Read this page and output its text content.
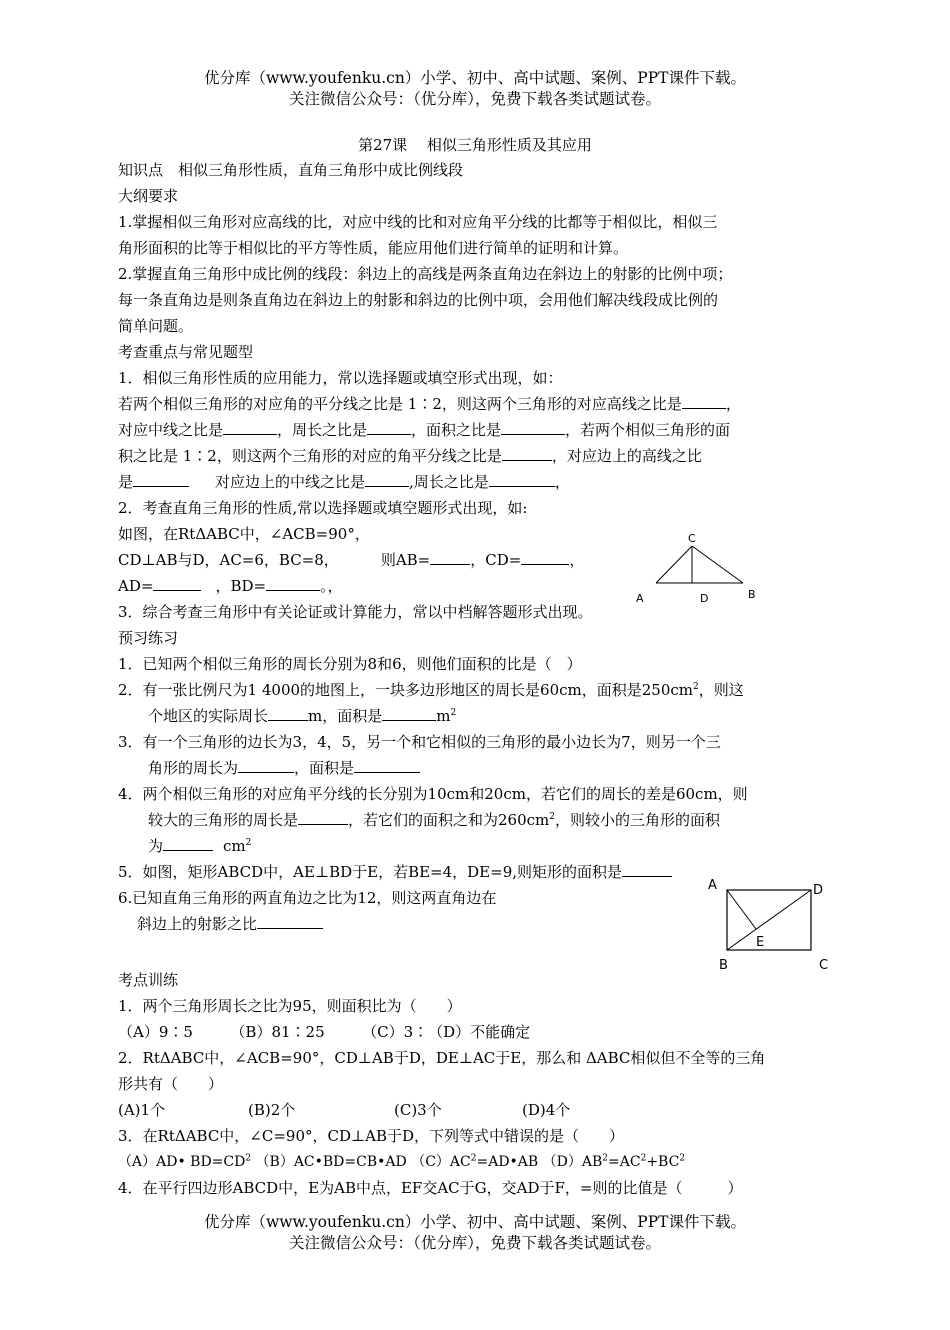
优分库（www.youfenku.cn）小学、初中、高中试题、案例、PPT课件下载。
关注微信公众号：（优分库），免费下载各类试题试卷。
第27课　 相似三角形性质及其应用
知识点　相似三角形性质，直角三角形中成比例线段
大纲要求
1.掌握相似三角形对应高线的比，对应中线的比和对应角平分线的比都等于相似比，相似三
角形面积的比等于相似比的平方等性质，能应用他们进行简单的证明和计算。
2.掌握直角三角形中成比例的线段：斜边上的高线是两条直角边在斜边上的射影的比例中项；
每一条直角边是则条直角边在斜边上的射影和斜边的比例中项，会用他们解决线段成比例的
简单问题。
考查重点与常见题型
1．相似三角形性质的应用能力，常以选择题或填空形式出现，如：
若两个相似三角形的对应角的平分线之比是 1∶2，则这两个三角形的对应高线之比是	，
对应中线之比是	，周长之比是	，面积之比是	，若两个相似三角形的面
积之比是 1∶2，则这两个三角形的对应的角平分线之比是	，对应边上的高线之比
是	对应边上的中线之比是	,周长之比是	，
2．考查直角三角形的性质,常以选择题或填空题形式出现，如:
如图，在RtΔABC中，∠ACB=90°，
CD⊥AB与D，AC=6，BC=8，	则AB=	，CD=	，
AD=	，BD=	。，
C
A	D	B
3．综合考查三角形中有关论证或计算能力，常以中档解答题形式出现。
预习练习
1．已知两个相似三角形的周长分别为8和6，则他们面积的比是（　）
2．有一张比例尺为1 4000的地图上，一块多边形地区的周长是60cm，面积是$250cm^2$，则这
个地区的实际周长	m，面积是	$m^2$
3．有一个三角形的边长为3，4，5，另一个和它相似的三角形的最小边长为7，则另一个三
角形的周长为	，面积是
4．两个相似三角形的对应角平分线的长分别为10cm和20cm，若它们的周长的差是60cm，则
较大的三角形的周长是	，若它们的面积之和为$260cm^2$，则较小的三角形的面积
为	$cm^2$
5．如图，矩形ABCD中，AE⊥BD于E，若BE=4，DE=9,则矩形的面积是
6.已知直角三角形的两直角边之比为12，则这两直角边在
斜边上的射影之比
A	D
E
B	C
考点训练
1．两个三角形周长之比为95，则面积比为（　　）
（A）9∶5　　　（B）81∶25　　　（C）3∶（D）不能确定
2．RtΔABC中，∠ACB=90°，CD⊥AB于D，DE⊥AC于E，那么和 ΔABC相似但不全等的三角
形共有（　　）
(A)1个	(B)2个	(C)3个	(D)4个
3．在RtΔABC中，∠C=90°，CD⊥AB于D，下列等式中错误的是（　　）
（A）AD• $BD=CD^2$ （B）AC•BD=CB•AD $(C)AC^2=AD•AB$ $(D)AB^2=AC^2+BC^2$
4．在平行四边形ABCD中，E为AB中点，EF交AC于G，交AD于F，=则的比值是（　　　）
优分库（www.youfenku.cn）小学、初中、高中试题、案例、PPT课件下载。
关注微信公众号：（优分库），免费下载各类试题试卷。
